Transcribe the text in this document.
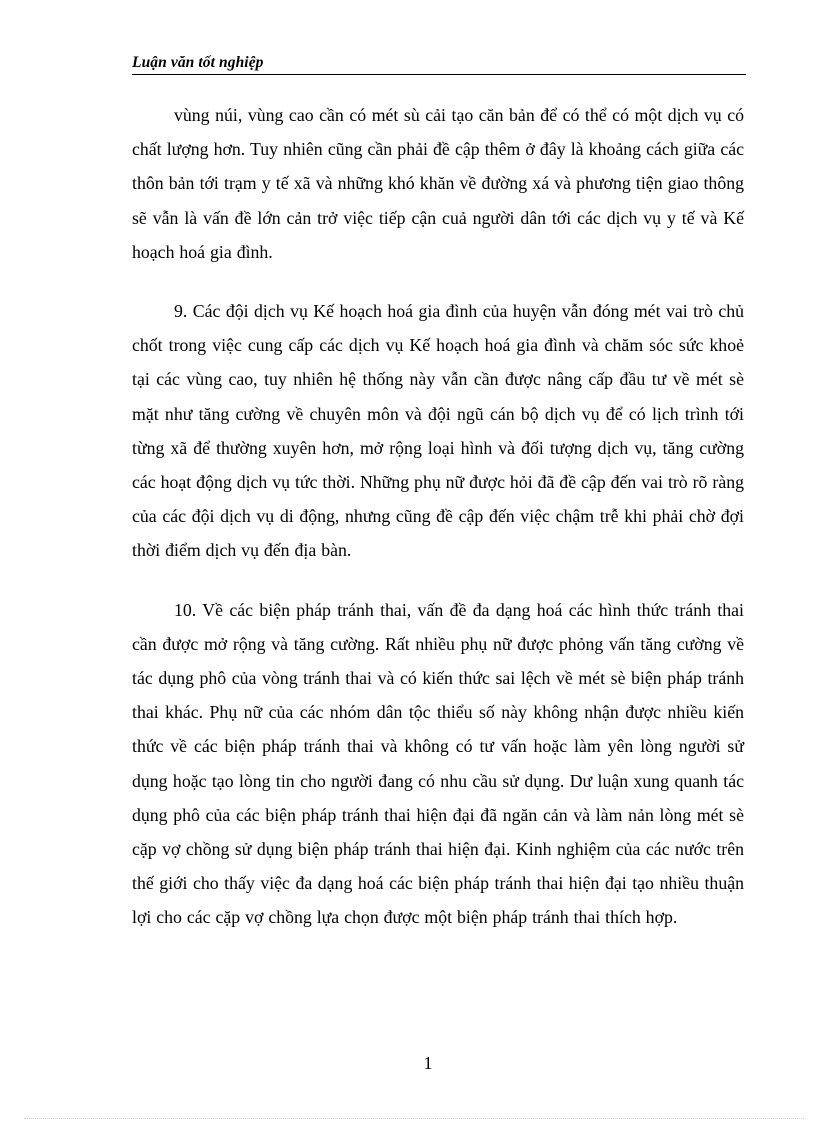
Luận văn tốt nghiệp

vùng núi, vùng cao cần có mét sù cải tạo căn bản để có thể có một dịch vụ có chất lượng hơn. Tuy nhiên cũng cần phải đề cập thêm ở đây là khoảng cách giữa các thôn bản tới trạm y tế xã và những khó khăn về đường xá và phương tiện giao thông sẽ vẫn là vấn đề lớn cản trở việc tiếp cận cuả người dân tới các dịch vụ y tế và Kế hoạch hoá gia đình.

9. Các đội dịch vụ Kế hoạch hoá gia đình của huyện vẫn đóng mét vai trò chủ chốt trong việc cung cấp các dịch vụ Kế hoạch hoá gia đình và chăm sóc sức khoẻ tại các vùng cao, tuy nhiên hệ thống này vẫn cần được nâng cấp đầu tư về mét sè mặt như tăng cường về chuyên môn và đội ngũ cán bộ dịch vụ để có lịch trình tới từng xã để thường xuyên hơn, mở rộng loại hình và đối tượng dịch vụ, tăng cường các hoạt động dịch vụ tức thời. Những phụ nữ được hỏi đã đề cập đến vai trò rõ ràng của các đội dịch vụ di động, nhưng cũng đề cập đến việc chậm trễ khi phải chờ đợi thời điểm dịch vụ đến địa bàn.

10. Về các biện pháp tránh thai, vấn đề đa dạng hoá các hình thức tránh thai cần được mở rộng và tăng cường. Rất nhiều phụ nữ được phỏng vấn tăng cường về tác dụng phô của vòng tránh thai và có kiến thức sai lệch về mét sè biện pháp tránh thai khác. Phụ nữ của các nhóm dân tộc thiểu số này không nhận được nhiều kiến thức về các biện pháp tránh thai và không có tư vấn hoặc làm yên lòng người sử dụng hoặc tạo lòng tin cho người đang có nhu cầu sử dụng. Dư luận xung quanh tác dụng phô của các biện pháp tránh thai hiện đại đã ngăn cản và làm nản lòng mét sè cặp vợ chồng sử dụng biện pháp tránh thai hiện đại. Kinh nghiệm của các nước trên thế giới cho thấy việc đa dạng hoá các biện pháp tránh thai hiện đại tạo nhiều thuận lợi cho các cặp vợ chồng lựa chọn được một biện pháp tránh thai thích hợp.

1
